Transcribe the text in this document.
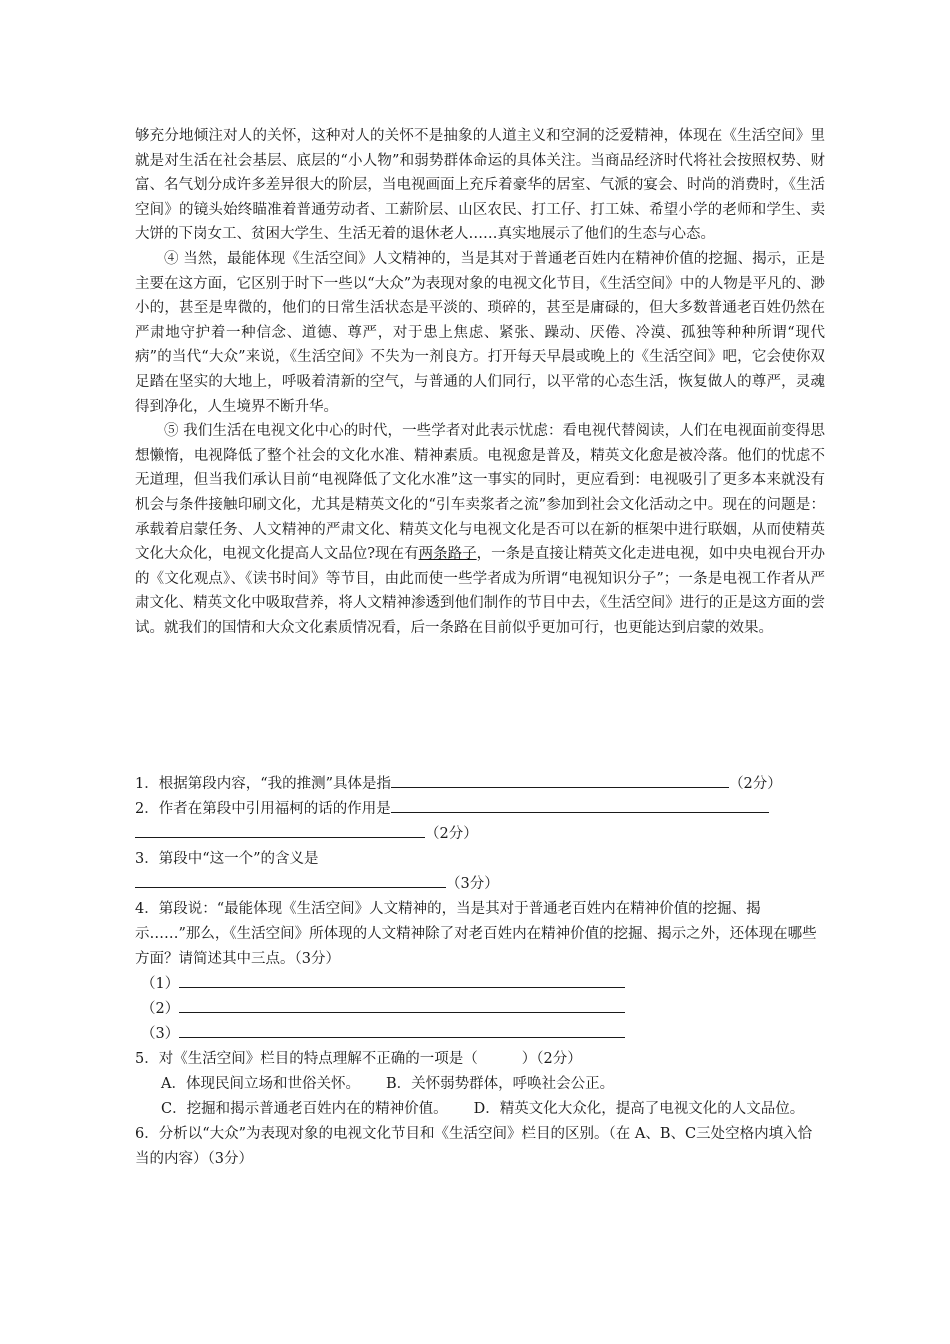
够充分地倾注对人的关怀，这种对人的关怀不是抽象的人道主义和空洞的泛爱精神，体现在《生活空间》里就是对生活在社会基层、底层的“小人物”和弱势群体命运的具体关注。当商品经济时代将社会按照权势、财富、名气划分成许多差异很大的阶层，当电视画面上充斥着豪华的居室、气派的宴会、时尚的消费时，《生活空间》的镜头始终瞄准着普通劳动者、工薪阶层、山区农民、打工仔、打工妹、希望小学的老师和学生、卖大饼的下岗女工、贫困大学生、生活无着的退休老人……真实地展示了他们的生态与心态。

④ 当然，最能体现《生活空间》人文精神的，当是其对于普通老百姓内在精神价值的挖掘、揭示，正是主要在这方面，它区别于时下一些以“大众”为表现对象的电视文化节目，《生活空间》中的人物是平凡的、渺小的，甚至是卑微的，他们的日常生活状态是平淡的、琐碎的，甚至是庸碌的，但大多数普通老百姓仍然在严肃地守护着一种信念、道德、尊严，对于患上焦虑、紧张、躁动、厌倦、冷漠、孤独等种种所谓“现代病”的当代“大众”来说，《生活空间》不失为一剂良方。打开每天早晨或晚上的《生活空间》吧，它会使你双足踏在坚实的大地上，呼吸着清新的空气，与普通的人们同行，以平常的心态生活，恢复做人的尊严，灵魂得到净化，人生境界不断升华。

⑤ 我们生活在电视文化中心的时代，一些学者对此表示忧虑：看电视代替阅读，人们在电视面前变得思想懒惰，电视降低了整个社会的文化水准、精神素质。电视愈是普及，精英文化愈是被冷落。他们的忧虑不无道理，但当我们承认目前“电视降低了文化水准”这一事实的同时，更应看到：电视吸引了更多本来就没有机会与条件接触印刷文化，尤其是精英文化的“引车卖浆者之流”参加到社会文化活动之中。现在的问题是：承载着启蒙任务、人文精神的严肃文化、精英文化与电视文化是否可以在新的框架中进行联姻，从而使精英文化大众化，电视文化提高人文品位?现在有两条路子，一条是直接让精英文化走进电视，如中央电视台开办的《文化观点》、《读书时间》等节目，由此而使一些学者成为所谓“电视知识分子”；一条是电视工作者从严肃文化、精英文化中吸取营养，将人文精神渗透到他们制作的节目中去，《生活空间》进行的正是这方面的尝试。就我们的国情和大众文化素质情况看，后一条路在目前似乎更加可行，也更能达到启蒙的效果。

1．根据第段内容，“我的推测”具体是指	（2分）

2．作者在第段中引用福柯的话的作用是

（2分）

3．第段中“这一个”的含义是

（3分）

4．第段说：“最能体现《生活空间》人文精神的，当是其对于普通老百姓内在精神价值的挖掘、揭示……”那么，《生活空间》所体现的人文精神除了对老百姓内在精神价值的挖掘、揭示之外，还体现在哪些方面？请简述其中三点。（3分）

（1）

（2）

（3）

5．对《生活空间》栏目的特点理解不正确的一项是（	）（2分）

A．体现民间立场和世俗关怀。 B．关怀弱势群体，呼唤社会公正。

C．挖掘和揭示普通老百姓内在的精神价值。 D．精英文化大众化，提高了电视文化的人文品位。

6．分析以“大众”为表现对象的电视文化节目和《生活空间》栏目的区别。（在 A、B、C三处空格内填入恰当的内容）（3分）
